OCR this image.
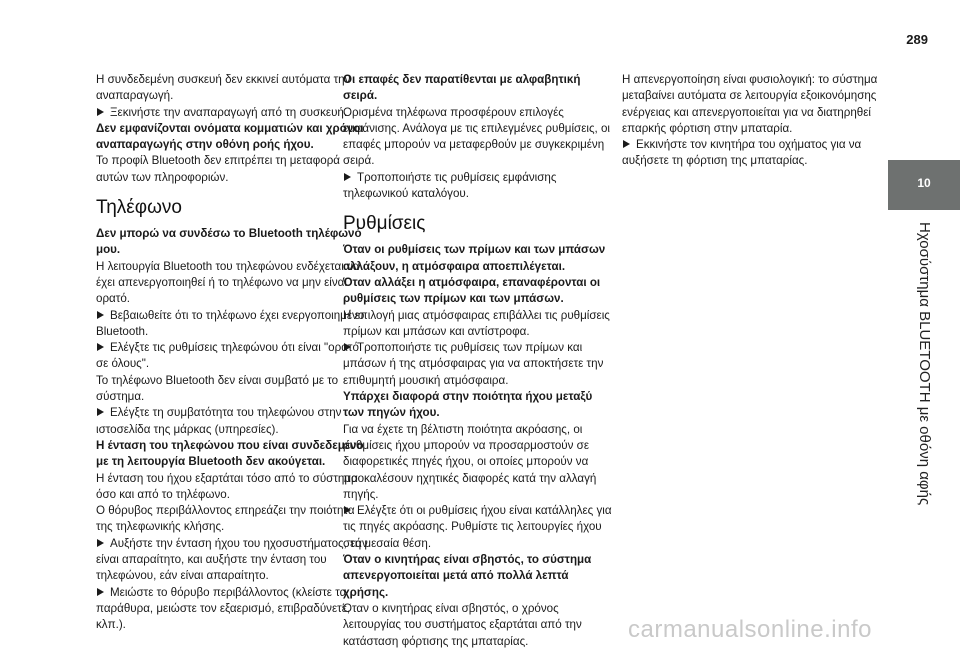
289

Η συνδεδεμένη συσκευή δεν εκκινεί αυτόματα την αναπαραγωγή.

Ξεκινήστε την αναπαραγωγή από τη συσκευή.

Δεν εμφανίζονται ονόματα κομματιών και χρόνοι αναπαραγωγής στην οθόνη ροής ήχου.

Το προφίλ Bluetooth δεν επιτρέπει τη μεταφορά αυτών των πληροφοριών.

Τηλέφωνο

Δεν μπορώ να συνδέσω το Bluetooth τηλέφωνό μου.

Η λειτουργία Bluetooth του τηλεφώνου ενδέχεται να έχει απενεργοποιηθεί ή το τηλέφωνο να μην είναι ορατό.

Βεβαιωθείτε ότι το τηλέφωνο έχει ενεργοποιημένο Bluetooth.

Ελέγξτε τις ρυθμίσεις τηλεφώνου ότι είναι "ορατό σε όλους".

Το τηλέφωνο Bluetooth δεν είναι συμβατό με το σύστημα.

Ελέγξτε τη συμβατότητα του τηλεφώνου στην ιστοσελίδα της μάρκας (υπηρεσίες).

Η ένταση του τηλεφώνου που είναι συνδεδεμένο με τη λειτουργία Bluetooth δεν ακούγεται.

Η ένταση του ήχου εξαρτάται τόσο από το σύστημα όσο και από το τηλέφωνο.

Ο θόρυβος περιβάλλοντος επηρεάζει την ποιότητα της τηλεφωνικής κλήσης.

Αυξήστε την ένταση ήχου του ηχοσυστήματος, εάν είναι απαραίτητο, και αυξήστε την ένταση του τηλεφώνου, εάν είναι απαραίτητο.

Μειώστε το θόρυβο περιβάλλοντος (κλείστε τα παράθυρα, μειώστε τον εξαερισμό, επιβραδύνετε, κλπ.).

Οι επαφές δεν παρατίθενται με αλφαβητική σειρά.

Ορισμένα τηλέφωνα προσφέρουν επιλογές εμφάνισης. Ανάλογα με τις επιλεγμένες ρυθμίσεις, οι επαφές μπορούν να μεταφερθούν με συγκεκριμένη σειρά.

Τροποποιήστε τις ρυθμίσεις εμφάνισης τηλεφωνικού καταλόγου.

Ρυθμίσεις

Όταν οι ρυθμίσεις των πρίμων και των μπάσων αλλάξουν, η ατμόσφαιρα αποεπιλέγεται.

Όταν αλλάξει η ατμόσφαιρα, επαναφέρονται οι ρυθμίσεις των πρίμων και των μπάσων.

Η επιλογή μιας ατμόσφαιρας επιβάλλει τις ρυθμίσεις πρίμων και μπάσων και αντίστροφα.

Τροποποιήστε τις ρυθμίσεις των πρίμων και μπάσων ή της ατμόσφαιρας για να αποκτήσετε την επιθυμητή μουσική ατμόσφαιρα.

Υπάρχει διαφορά στην ποιότητα ήχου μεταξύ των πηγών ήχου.

Για να έχετε τη βέλτιστη ποιότητα ακρόασης, οι ρυθμίσεις ήχου μπορούν να προσαρμοστούν σε διαφορετικές πηγές ήχου, οι οποίες μπορούν να προκαλέσουν ηχητικές διαφορές κατά την αλλαγή πηγής.

Ελέγξτε ότι οι ρυθμίσεις ήχου είναι κατάλληλες για τις πηγές ακρόασης. Ρυθμίστε τις λειτουργίες ήχου στη μεσαία θέση.

Όταν ο κινητήρας είναι σβηστός, το σύστημα απενεργοποιείται μετά από πολλά λεπτά χρήσης.

Όταν ο κινητήρας είναι σβηστός, ο χρόνος λειτουργίας του συστήματος εξαρτάται από την κατάσταση φόρτισης της μπαταρίας.

Η απενεργοποίηση είναι φυσιολογική: το σύστημα μεταβαίνει αυτόματα σε λειτουργία εξοικονόμησης ενέργειας και απενεργοποιείται για να διατηρηθεί επαρκής φόρτιση στην μπαταρία.

Εκκινήστε τον κινητήρα του οχήματος για να αυξήσετε τη φόρτιση της μπαταρίας.

10
Ηχοσύστημα BLUETOOTH με οθόνη αφής
carmanualsonline.info
